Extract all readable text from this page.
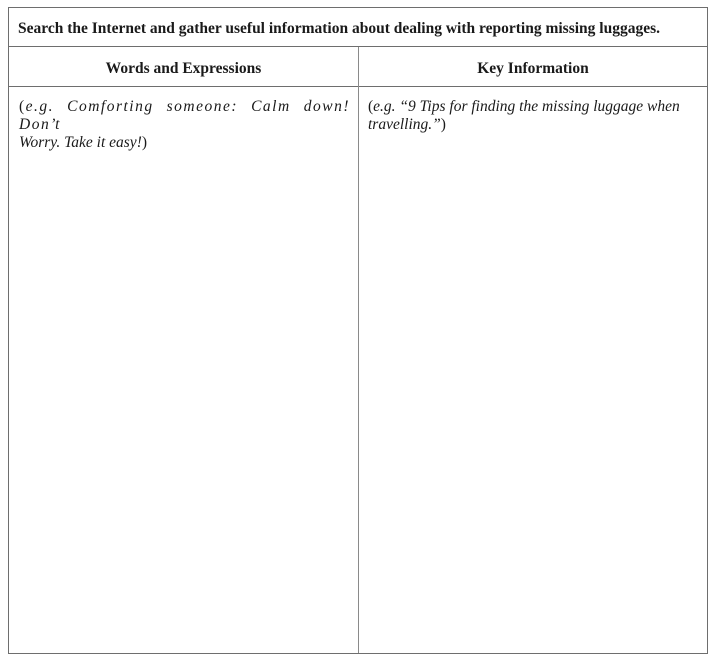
Search the Internet and gather useful information about dealing with reporting missing luggages.

Words and Expressions	Key Information

(e.g. Comforting someone: Calm down! Don’t
Worry. Take it easy!)
(e.g. “9 Tips for finding the missing luggage when
travelling.”)
